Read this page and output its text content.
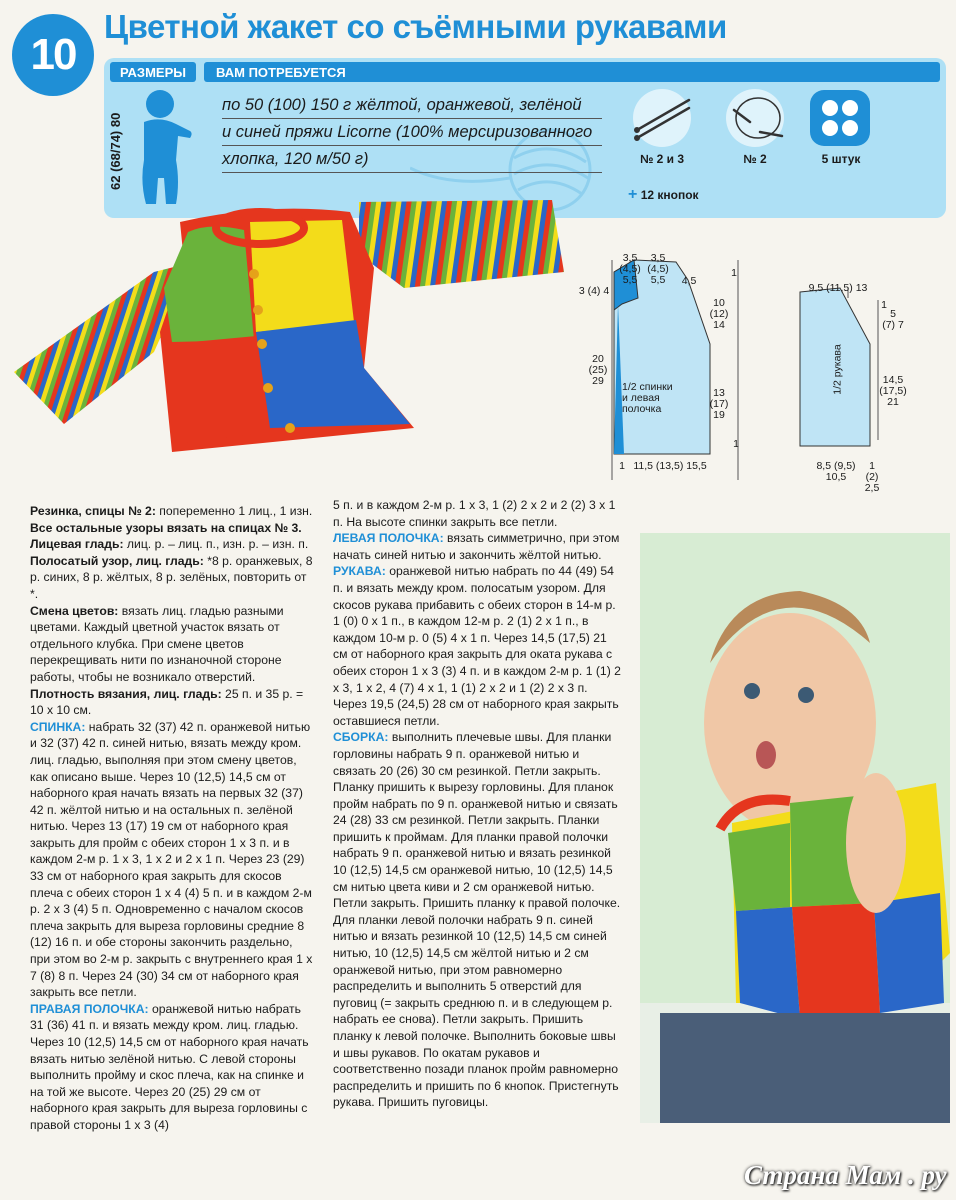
10
Цветной жакет со съёмными рукавами
РАЗМЕРЫ	ВАМ ПОТРЕБУЕТСЯ
62 (68/74) 80
по 50 (100) 150 г жёлтой, оранжевой, зелёной
и синей пряжи Licorne (100% мерсиризованного
хлопка, 120 м/50 г)	№ 2 и 3	№ 2	5 штук
+ 12 кнопок
1/2 спинки
и левая
полочка
3,5
(4,5)
5,5
3,5
(4,5)
5,5	4,5
3 (4) 4
20
(25)
29
1
10
(12)
14
13
(17)
19
1
1 11,5 (13,5) 15,5
1/2 рукава
9,5 (11,5) 13
5
(7) 7
14,5
(17,5)
21
1
8,5 (9,5)
10,5
1
(2)
2,5

Резинка, спицы № 2: попеременно 1 лиц., 1 изн.

Все остальные узоры вязать на спицах № 3.

Лицевая гладь: лиц. р. – лиц. п., изн. р. – изн. п.

Полосатый узор, лиц. гладь: *8 р. оранжевых, 8 р. синих, 8 р. жёлтых, 8 р. зелёных, повторить от *.

Смена цветов: вязать лиц. гладью разными цветами. Каждый цветной участок вязать от отдельного клубка. При смене цветов перекрещивать нити по изнаночной стороне работы, чтобы не возникало отверстий.

Плотность вязания, лиц. гладь: 25 п. и 35 р. = 10 х 10 см.

СПИНКА: набрать 32 (37) 42 п. оранжевой нитью и 32 (37) 42 п. синей нитью, вязать между кром. лиц. гладью, выполняя при этом смену цветов, как описано выше. Через 10 (12,5) 14,5 см от наборного края начать вязать на первых 32 (37) 42 п. жёлтой нитью и на остальных п. зелёной нитью. Через 13 (17) 19 см от наборного края закрыть для пройм с обеих сторон 1 х 3 п. и в каждом 2-м р. 1 х 3, 1 х 2 и 2 х 1 п. Через 23 (29) 33 см от наборного края закрыть для скосов плеча с обеих сторон 1 х 4 (4) 5 п. и в каждом 2-м р. 2 х 3 (4) 5 п. Одновременно с началом скосов плеча закрыть для выреза горловины средние 8 (12) 16 п. и обе стороны закончить раздельно, при этом во 2-м р. закрыть с внутреннего края 1 х 7 (8) 8 п. Через 24 (30) 34 см от наборного края закрыть все петли.

ПРАВАЯ ПОЛОЧКА: оранжевой нитью набрать 31 (36) 41 п. и вязать между кром. лиц. гладью. Через 10 (12,5) 14,5 см от наборного края начать вязать нитью зелёной нитью. С левой стороны выполнить пройму и скос плеча, как на спинке и на той же высоте. Через 20 (25) 29 см от наборного края закрыть для выреза горловины с правой стороны 1 х 3 (4)

5 п. и в каждом 2-м р. 1 х 3, 1 (2) 2 х 2 и 2 (2) 3 х 1 п. На высоте спинки закрыть все петли.

ЛЕВАЯ ПОЛОЧКА: вязать симметрично, при этом начать синей нитью и закончить жёлтой нитью.

РУКАВА: оранжевой нитью набрать по 44 (49) 54 п. и вязать между кром. полосатым узором. Для скосов рукава прибавить с обеих сторон в 14-м р. 1 (0) 0 х 1 п., в каждом 12-м р. 2 (1) 2 х 1 п., в каждом 10-м р. 0 (5) 4 х 1 п. Через 14,5 (17,5) 21 см от наборного края закрыть для оката рукава с обеих сторон 1 х 3 (3) 4 п. и в каждом 2-м р. 1 (1) 2 х 3, 1 х 2, 4 (7) 4 х 1, 1 (1) 2 х 2 и 1 (2) 2 х 3 п. Через 19,5 (24,5) 28 см от наборного края закрыть оставшиеся петли.

СБОРКА: выполнить плечевые швы. Для планки горловины набрать 9 п. оранжевой нитью и связать 20 (26) 30 см резинкой. Петли закрыть. Планку пришить к вырезу горловины. Для планок пройм набрать по 9 п. оранжевой нитью и связать 24 (28) 33 см резинкой. Петли закрыть. Планки пришить к проймам. Для планки правой полочки набрать 9 п. оранжевой нитью и вязать резинкой 10 (12,5) 14,5 см оранжевой нитью, 10 (12,5) 14,5 см нитью цвета киви и 2 см оранжевой нитью. Петли закрыть. Пришить планку к правой полочке. Для планки левой полочки набрать 9 п. синей нитью и вязать резинкой 10 (12,5) 14,5 см синей нитью, 10 (12,5) 14,5 см жёлтой нитью и 2 см оранжевой нитью, при этом равномерно распределить и выполнить 5 отверстий для пуговиц (= закрыть среднюю п. и в следующем р. набрать ее снова). Петли закрыть. Пришить планку к левой полочке. Выполнить боковые швы и швы рукавов. По окатам рукавов и соответственно позади планок пройм равномерно распределить и пришить по 6 кнопок. Пристегнуть рукава. Пришить пуговицы.

Страна Мам . ру
